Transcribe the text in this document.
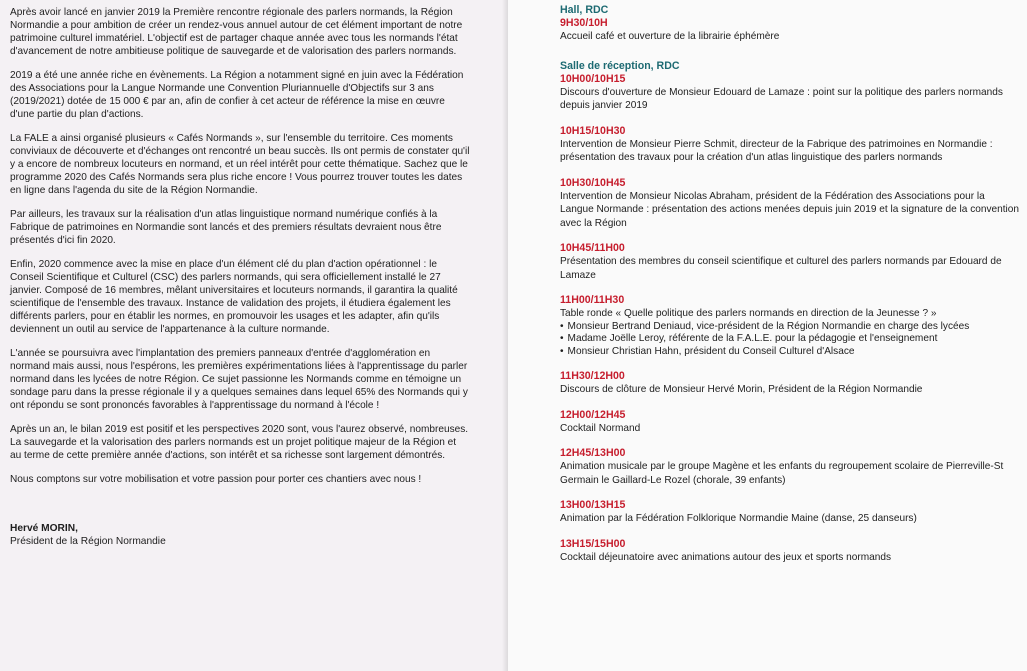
Après avoir lancé en janvier 2019 la Première rencontre régionale des parlers normands, la Région Normandie a pour ambition de créer un rendez-vous annuel autour de cet élément important de notre patrimoine culturel immatériel. L'objectif est de partager chaque année avec tous les normands l'état d'avancement de notre ambitieuse politique de sauvegarde et de valorisation des parlers normands.

2019 a été une année riche en évènements. La Région a notamment signé en juin avec la Fédération des Associations pour la Langue Normande une Convention Pluriannuelle d'Objectifs sur 3 ans (2019/2021) dotée de 15 000 € par an, afin de confier à cet acteur de référence la mise en œuvre d'une partie du plan d'actions.

La FALE a ainsi organisé plusieurs « Cafés Normands », sur l'ensemble du territoire. Ces moments conviviaux de découverte et d'échanges ont rencontré un beau succès. Ils ont permis de constater qu'il y a encore de nombreux locuteurs en normand, et un réel intérêt pour cette thématique. Sachez que le programme 2020 des Cafés Normands sera plus riche encore ! Vous pourrez trouver toutes les dates en ligne dans l'agenda du site de la Région Normandie.

Par ailleurs, les travaux sur la réalisation d'un atlas linguistique normand numérique confiés à la Fabrique de patrimoines en Normandie sont lancés et des premiers résultats devraient nous être présentés d'ici fin 2020.

Enfin, 2020 commence avec la mise en place d'un élément clé du plan d'action opérationnel : le Conseil Scientifique et Culturel (CSC) des parlers normands, qui sera officiellement installé le 27 janvier. Composé de 16 membres, mêlant universitaires et locuteurs normands, il garantira la qualité scientifique de l'ensemble des travaux. Instance de validation des projets, il étudiera également les différents parlers, pour en établir les normes, en promouvoir les usages et les adapter, afin qu'ils deviennent un outil au service de l'appartenance à la culture normande.

L'année se poursuivra avec l'implantation des premiers panneaux d'entrée d'agglomération en normand mais aussi, nous l'espérons, les premières expérimentations liées à l'apprentissage du parler normand dans les lycées de notre Région. Ce sujet passionne les Normands comme en témoigne un sondage paru dans la presse régionale il y a quelques semaines dans lequel 65% des Normands qui y ont répondu se sont prononcés favorables à l'apprentissage du normand à l'école !

Après un an, le bilan 2019 est positif et les perspectives 2020 sont, vous l'aurez observé, nombreuses. La sauvegarde et la valorisation des parlers normands est un projet politique majeur de la Région et au terme de cette première année d'actions, son intérêt et sa richesse sont largement démontrés.

Nous comptons sur votre mobilisation et votre passion pour porter ces chantiers avec nous !

Hervé MORIN,
Président de la Région Normandie
Hall, RDC
9H30/10H

Accueil café et ouverture de la librairie éphémère

Salle de réception, RDC
10H00/10H15

Discours d'ouverture de Monsieur Edouard de Lamaze : point sur la politique des parlers normands depuis janvier 2019

10H15/10H30

Intervention de Monsieur Pierre Schmit, directeur de la Fabrique des patrimoines en Normandie : présentation des travaux pour la création d'un atlas linguistique des parlers normands

10H30/10H45

Intervention de Monsieur Nicolas Abraham, président de la Fédération des Associations pour la Langue Normande : présentation des actions menées depuis juin 2019 et la signature de la convention avec la Région

10H45/11H00

Présentation des membres du conseil scientifique et culturel des parlers normands par Edouard de Lamaze

11H00/11H30

Table ronde « Quelle politique des parlers normands en direction de la Jeunesse ? »

• Monsieur Bertrand Deniaud, vice-président de la Région Normandie en charge des lycées
• Madame Joëlle Leroy, référente de la F.A.L.E. pour la pédagogie et l'enseignement
• Monsieur Christian Hahn, président du Conseil Culturel d'Alsace
11H30/12H00

Discours de clôture de Monsieur Hervé Morin, Président de la Région Normandie

12H00/12H45

Cocktail Normand

12H45/13H00

Animation musicale par le groupe Magène et les enfants du regroupement scolaire de Pierreville-St Germain le Gaillard-Le Rozel (chorale, 39 enfants)

13H00/13H15

Animation par la Fédération Folklorique Normandie Maine (danse, 25 danseurs)

13H15/15H00

Cocktail déjeunatoire avec animations autour des jeux et sports normands
